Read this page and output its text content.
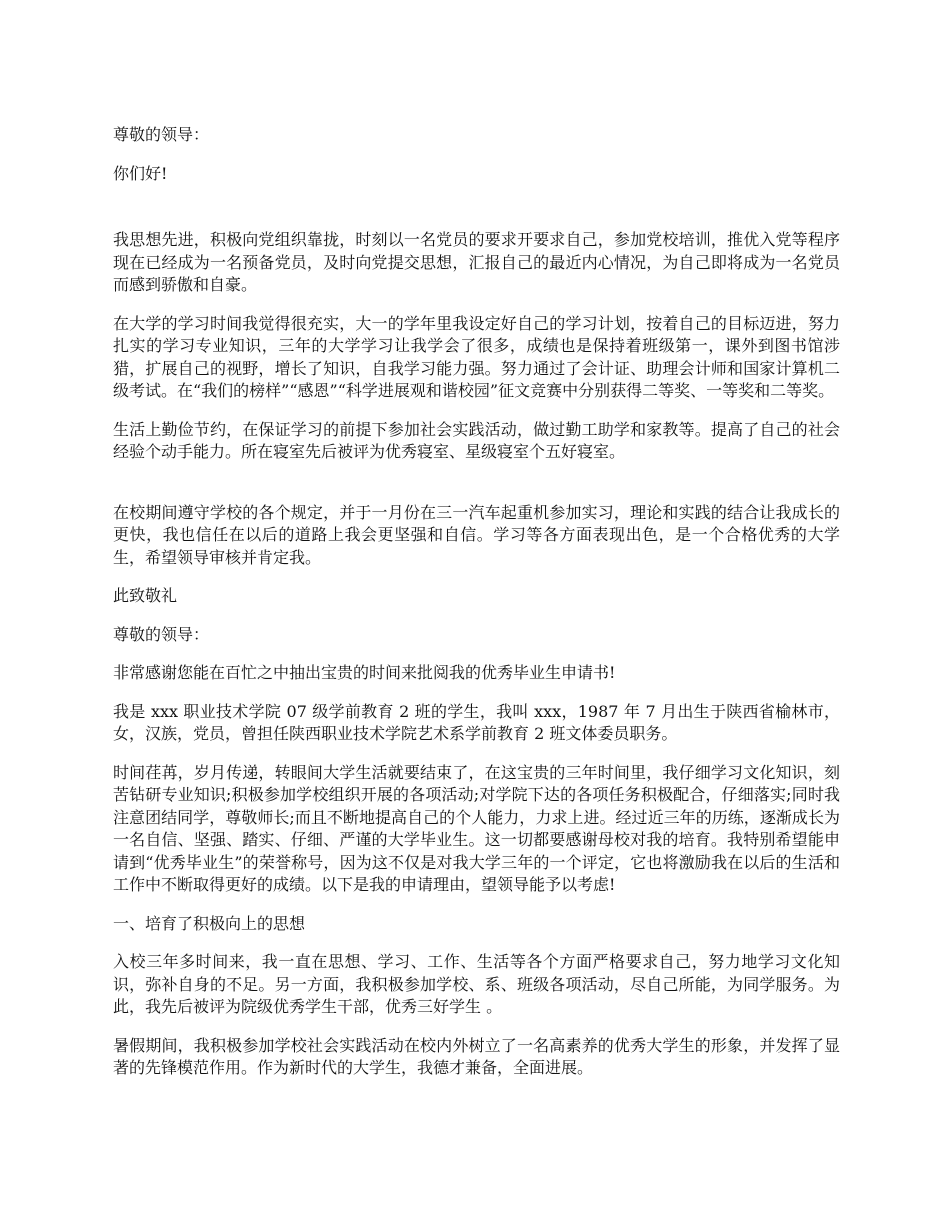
尊敬的领导：

你们好!

我思想先进，积极向党组织靠拢，时刻以一名党员的要求开要求自己，参加党校培训，推优入党等程序现在已经成为一名预备党员，及时向党提交思想，汇报自己的最近内心情况，为自己即将成为一名党员而感到骄傲和自豪。

在大学的学习时间我觉得很充实，大一的学年里我设定好自己的学习计划，按着自己的目标迈进，努力扎实的学习专业知识，三年的大学学习让我学会了很多，成绩也是保持着班级第一，课外到图书馆涉猎，扩展自己的视野，增长了知识，自我学习能力强。努力通过了会计证、助理会计师和国家计算机二级考试。在“我们的榜样”“感恩”“科学进展观和谐校园”征文竞赛中分别获得二等奖、一等奖和二等奖。

生活上勤俭节约，在保证学习的前提下参加社会实践活动，做过勤工助学和家教等。提高了自己的社会经验个动手能力。所在寝室先后被评为优秀寝室、星级寝室个五好寝室。

在校期间遵守学校的各个规定，并于一月份在三一汽车起重机参加实习，理论和实践的结合让我成长的更快，我也信任在以后的道路上我会更坚强和自信。学习等各方面表现出色，是一个合格优秀的大学生，希望领导审核并肯定我。

此致敬礼

尊敬的领导：

非常感谢您能在百忙之中抽出宝贵的时间来批阅我的优秀毕业生申请书!

我是 xxx 职业技术学院 07 级学前教育 2 班的学生，我叫 xxx，1987 年 7 月出生于陕西省榆林市，女，汉族，党员，曾担任陕西职业技术学院艺术系学前教育 2 班文体委员职务。

时间荏苒，岁月传递，转眼间大学生活就要结束了，在这宝贵的三年时间里，我仔细学习文化知识，刻苦钻研专业知识;积极参加学校组织开展的各项活动;对学院下达的各项任务积极配合，仔细落实;同时我注意团结同学，尊敬师长;而且不断地提高自己的个人能力，力求上进。经过近三年的历练，逐渐成长为一名自信、坚强、踏实、仔细、严谨的大学毕业生。这一切都要感谢母校对我的培育。我特别希望能申请到“优秀毕业生”的荣誉称号，因为这不仅是对我大学三年的一个评定，它也将激励我在以后的生活和工作中不断取得更好的成绩。以下是我的申请理由，望领导能予以考虑!

一、培育了积极向上的思想

入校三年多时间来，我一直在思想、学习、工作、生活等各个方面严格要求自己，努力地学习文化知识，弥补自身的不足。另一方面，我积极参加学校、系、班级各项活动，尽自己所能，为同学服务。为此，我先后被评为院级优秀学生干部，优秀三好学生 。

暑假期间，我积极参加学校社会实践活动在校内外树立了一名高素养的优秀大学生的形象，并发挥了显著的先锋模范作用。作为新时代的大学生，我德才兼备，全面进展。
